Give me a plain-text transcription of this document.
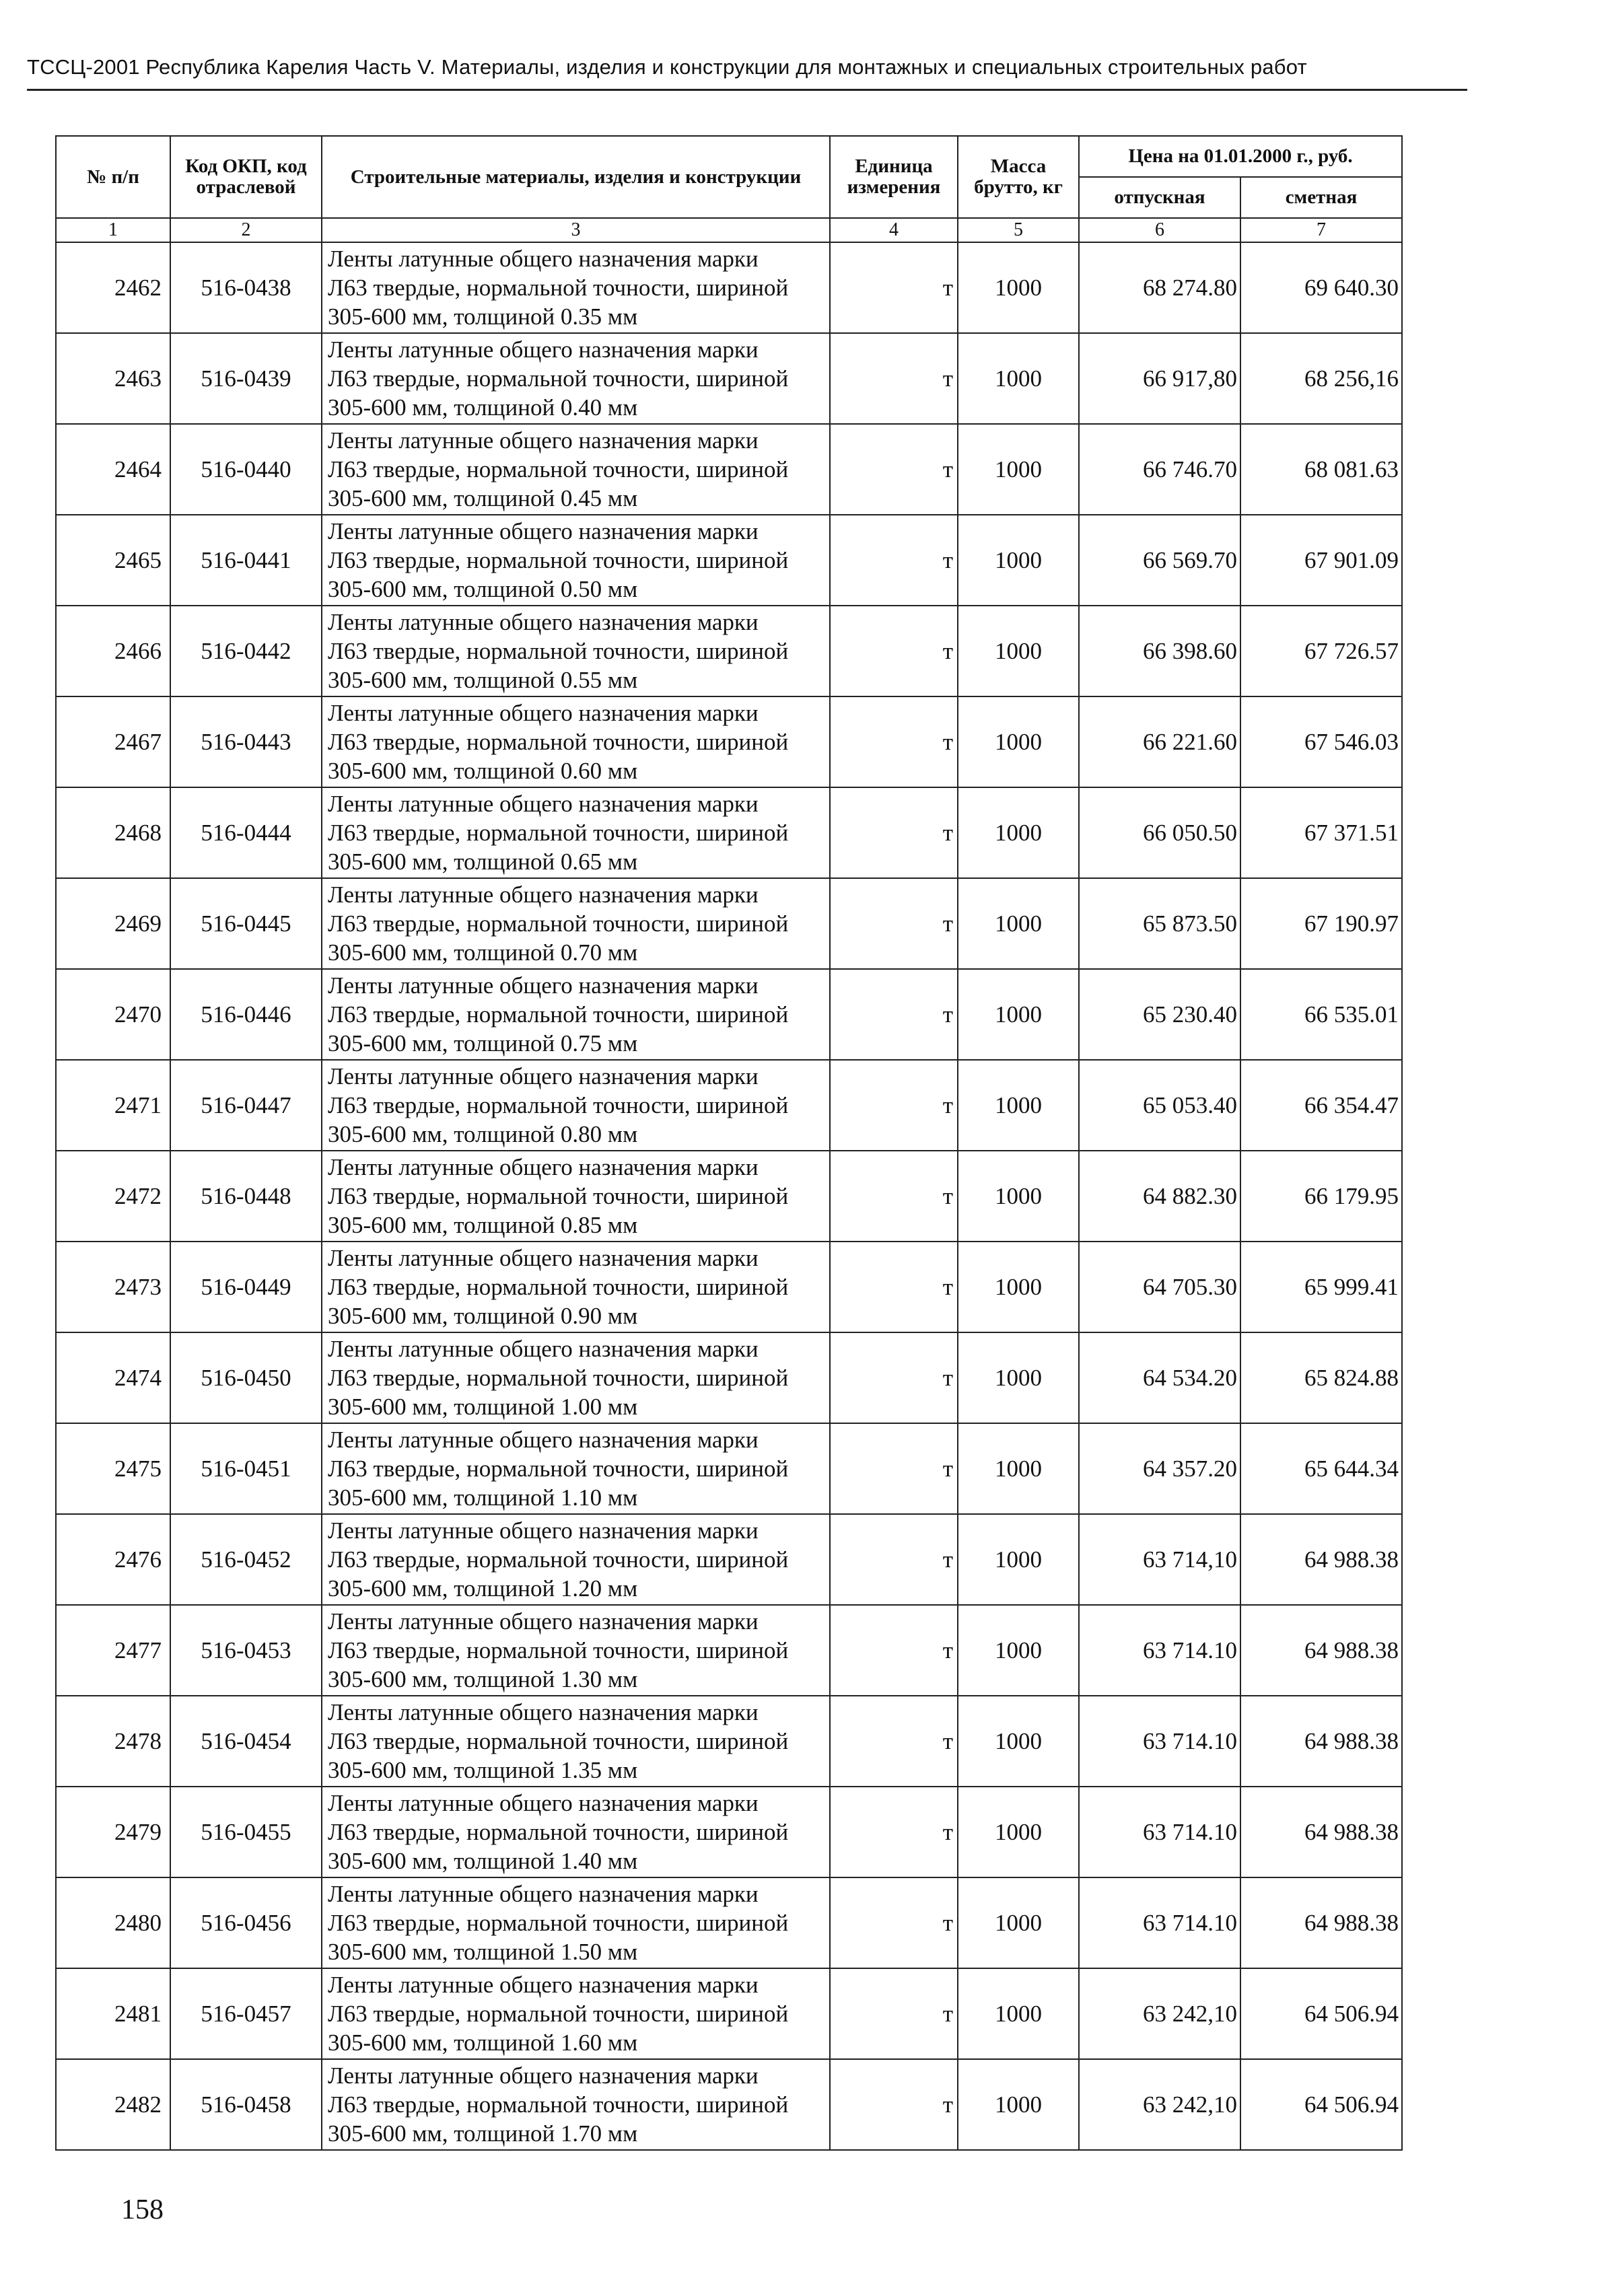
ТССЦ-2001 Республика Карелия Часть V. Материалы, изделия и конструкции для монтажных и специальных строительных работ
№ п/п	Код ОКП, код отраслевой	Строительные материалы, изделия и конструкции	Единица измерения	Масса брутто, кг	Цена на 01.01.2000 г., руб.	
					отпускная	сметная
1	2	3	4	5	6	7
2462	516-0438	Ленты латунные общего назначения марки
Л63 твердые, нормальной точности, шириной
305-600 мм, толщиной 0.35 мм	т	1000	68 274.80	69 640.30
2463	516-0439	Ленты латунные общего назначения марки
Л63 твердые, нормальной точности, шириной
305-600 мм, толщиной 0.40 мм	т	1000	66 917,80	68 256,16
2464	516-0440	Ленты латунные общего назначения марки
Л63 твердые, нормальной точности, шириной
305-600 мм, толщиной 0.45 мм	т	1000	66 746.70	68 081.63
2465	516-0441	Ленты латунные общего назначения марки
Л63 твердые, нормальной точности, шириной
305-600 мм, толщиной 0.50 мм	т	1000	66 569.70	67 901.09
2466	516-0442	Ленты латунные общего назначения марки
Л63 твердые, нормальной точности, шириной
305-600 мм, толщиной 0.55 мм	т	1000	66 398.60	67 726.57
2467	516-0443	Ленты латунные общего назначения марки
Л63 твердые, нормальной точности, шириной
305-600 мм, толщиной 0.60 мм	т	1000	66 221.60	67 546.03
2468	516-0444	Ленты латунные общего назначения марки
Л63 твердые, нормальной точности, шириной
305-600 мм, толщиной 0.65 мм	т	1000	66 050.50	67 371.51
2469	516-0445	Ленты латунные общего назначения марки
Л63 твердые, нормальной точности, шириной
305-600 мм, толщиной 0.70 мм	т	1000	65 873.50	67 190.97
2470	516-0446	Ленты латунные общего назначения марки
Л63 твердые, нормальной точности, шириной
305-600 мм, толщиной 0.75 мм	т	1000	65 230.40	66 535.01
2471	516-0447	Ленты латунные общего назначения марки
Л63 твердые, нормальной точности, шириной
305-600 мм, толщиной 0.80 мм	т	1000	65 053.40	66 354.47
2472	516-0448	Ленты латунные общего назначения марки
Л63 твердые, нормальной точности, шириной
305-600 мм, толщиной 0.85 мм	т	1000	64 882.30	66 179.95
2473	516-0449	Ленты латунные общего назначения марки
Л63 твердые, нормальной точности, шириной
305-600 мм, толщиной 0.90 мм	т	1000	64 705.30	65 999.41
2474	516-0450	Ленты латунные общего назначения марки
Л63 твердые, нормальной точности, шириной
305-600 мм, толщиной 1.00 мм	т	1000	64 534.20	65 824.88
2475	516-0451	Ленты латунные общего назначения марки
Л63 твердые, нормальной точности, шириной
305-600 мм, толщиной 1.10 мм	т	1000	64 357.20	65 644.34
2476	516-0452	Ленты латунные общего назначения марки
Л63 твердые, нормальной точности, шириной
305-600 мм, толщиной 1.20 мм	т	1000	63 714,10	64 988.38
2477	516-0453	Ленты латунные общего назначения марки
Л63 твердые, нормальной точности, шириной
305-600 мм, толщиной 1.30 мм	т	1000	63 714.10	64 988.38
2478	516-0454	Ленты латунные общего назначения марки
Л63 твердые, нормальной точности, шириной
305-600 мм, толщиной 1.35 мм	т	1000	63 714.10	64 988.38
2479	516-0455	Ленты латунные общего назначения марки
Л63 твердые, нормальной точности, шириной
305-600 мм, толщиной 1.40 мм	т	1000	63 714.10	64 988.38
2480	516-0456	Ленты латунные общего назначения марки
Л63 твердые, нормальной точности, шириной
305-600 мм, толщиной 1.50 мм	т	1000	63 714.10	64 988.38
2481	516-0457	Ленты латунные общего назначения марки
Л63 твердые, нормальной точности, шириной
305-600 мм, толщиной 1.60 мм	т	1000	63 242,10	64 506.94
2482	516-0458	Ленты латунные общего назначения марки
Л63 твердые, нормальной точности, шириной
305-600 мм, толщиной 1.70 мм	т	1000	63 242,10	64 506.94
158
